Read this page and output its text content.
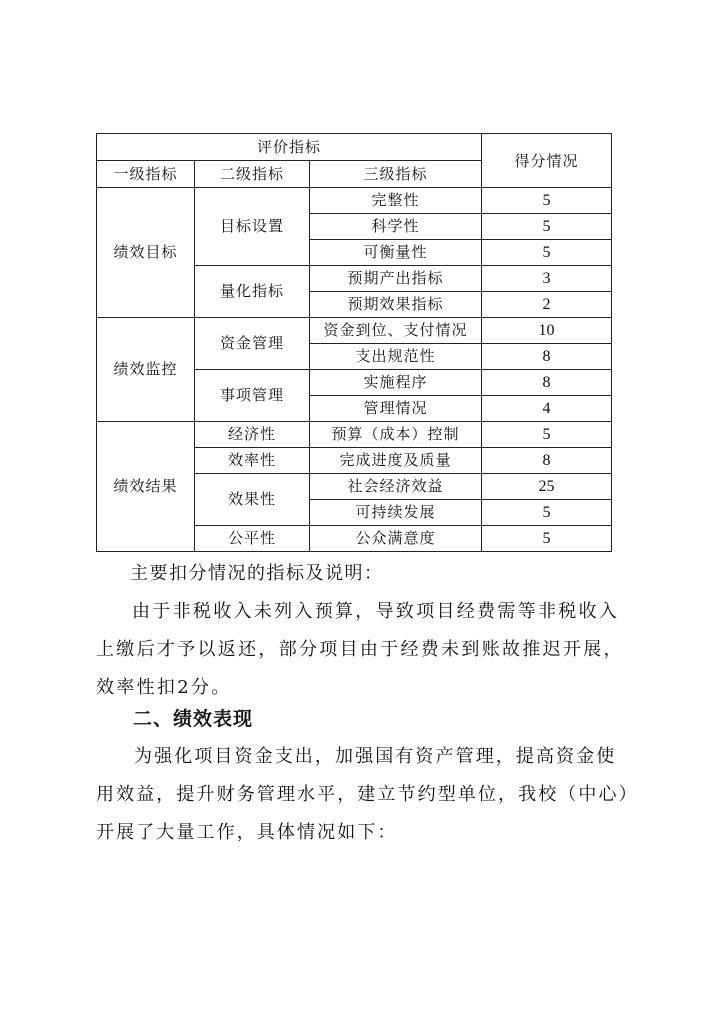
评价指标			得分情况
一级指标	二级指标	三级指标	
绩效目标	目标设置	完整性	5
		科学性	5
		可衡量性	5
	量化指标	预期产出指标	3
		预期效果指标	2
绩效监控	资金管理	资金到位、支付情况	10
		支出规范性	8
	事项管理	实施程序	8
		管理情况	4
绩效结果	经济性	预算（成本）控制	5
	效率性	完成进度及质量	8
	效果性	社会经济效益	25
		可持续发展	5
	公平性	公众满意度	5

主要扣分情况的指标及说明：

由于非税收入未列入预算，导致项目经费需等非税收入上缴后才予以返还，部分项目由于经费未到账故推迟开展，效率性扣2分。

二、绩效表现

为强化项目资金支出，加强国有资产管理，提高资金使用效益，提升财务管理水平，建立节约型单位，我校（中心）开展了大量工作，具体情况如下：
